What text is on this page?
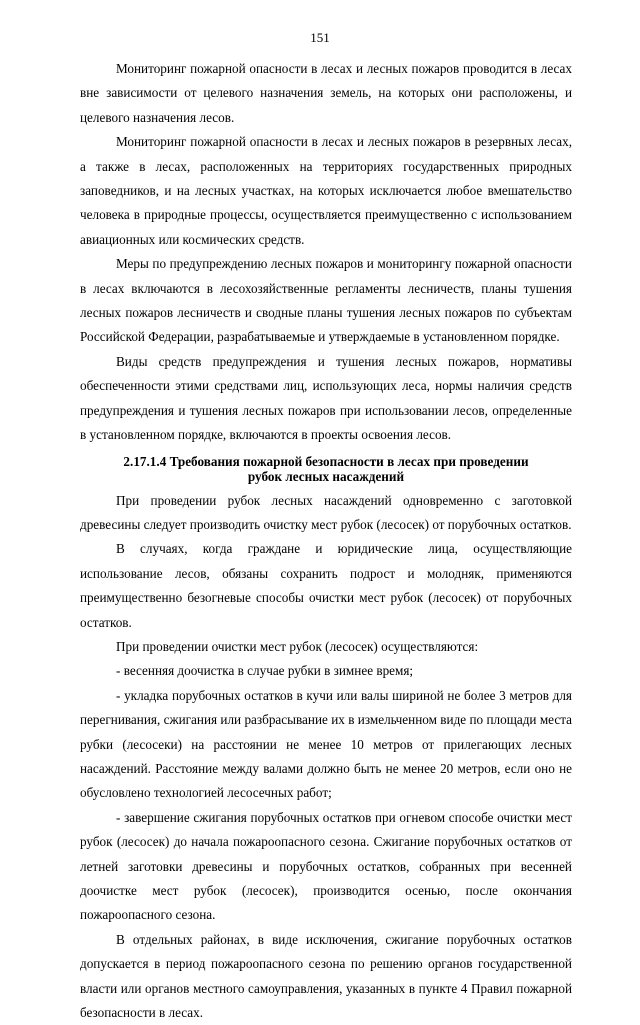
151

Мониторинг пожарной опасности в лесах и лесных пожаров проводится в лесах вне зависимости от целевого назначения земель, на которых они расположены, и целевого назначения лесов.

Мониторинг пожарной опасности в лесах и лесных пожаров в резервных лесах, а также в лесах, расположенных на территориях государственных природных заповедников, и на лесных участках, на которых исключается любое вмешательство человека в природные процессы, осуществляется преимущественно с использованием авиационных или космических средств.

Меры по предупреждению лесных пожаров и мониторингу пожарной опасности в лесах включаются в лесохозяйственные регламенты лесничеств, планы тушения лесных пожаров лесничеств и сводные планы тушения лесных пожаров по субъектам Российской Федерации, разрабатываемые и утверждаемые в установленном порядке.

Виды средств предупреждения и тушения лесных пожаров, нормативы обеспеченности этими средствами лиц, использующих леса, нормы наличия средств предупреждения и тушения лесных пожаров при использовании лесов, определенные в установленном порядке, включаются в проекты освоения лесов.

2.17.1.4 Требования пожарной безопасности в лесах при проведении рубок лесных насаждений

При проведении рубок лесных насаждений одновременно с заготовкой древесины следует производить очистку мест рубок (лесосек) от порубочных остатков.

В случаях, когда граждане и юридические лица, осуществляющие использование лесов, обязаны сохранить подрост и молодняк, применяются преимущественно безогневые способы очистки мест рубок (лесосек) от порубочных остатков.

При проведении очистки мест рубок (лесосек) осуществляются:

- весенняя доочистка в случае рубки в зимнее время;

- укладка порубочных остатков в кучи или валы шириной не более 3 метров для перегнивания, сжигания или разбрасывание их в измельченном виде по площади места рубки (лесосеки) на расстоянии не менее 10 метров от прилегающих лесных насаждений. Расстояние между валами должно быть не менее 20 метров, если оно не обусловлено технологией лесосечных работ;

- завершение сжигания порубочных остатков при огневом способе очистки мест рубок (лесосек) до начала пожароопасного сезона. Сжигание порубочных остатков от летней заготовки древесины и порубочных остатков, собранных при весенней доочистке мест рубок (лесосек), производится осенью, после окончания пожароопасного сезона.

В отдельных районах, в виде исключения, сжигание порубочных остатков допускается в период пожароопасного сезона по решению органов государственной власти или органов местного самоуправления, указанных в пункте 4 Правил пожарной безопасности в лесах.
